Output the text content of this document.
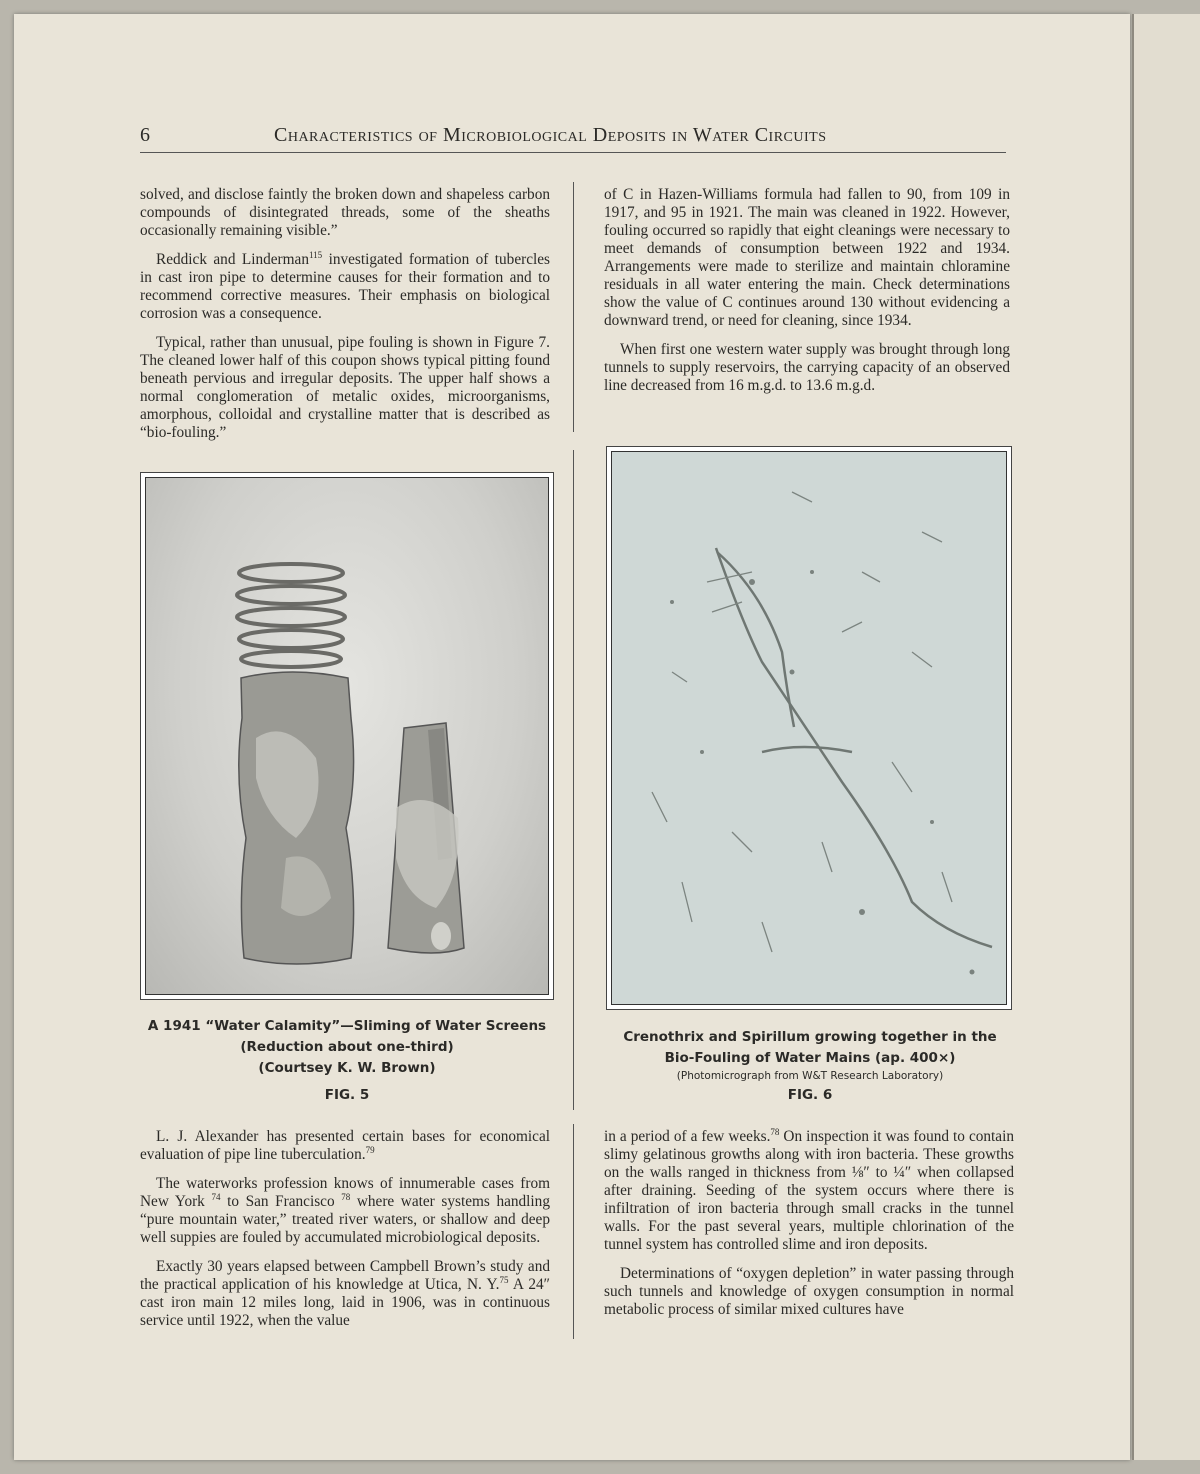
6	Characteristics of Microbiological Deposits in Water Circuits

solved, and disclose faintly the broken down and shapeless carbon compounds of disintegrated threads, some of the sheaths occasionally remaining visible.”

Reddick and Linderman$^{115}$ investigated formation of tubercles in cast iron pipe to determine causes for their formation and to recommend corrective measures. Their emphasis on biological corrosion was a consequence.

Typical, rather than unusual, pipe fouling is shown in Figure 7. The cleaned lower half of this coupon shows typical pitting found beneath pervious and irregular deposits. The upper half shows a normal conglomeration of metalic oxides, microorganisms, amorphous, colloidal and crystalline matter that is described as “bio-fouling.”

of C in Hazen-Williams formula had fallen to 90, from 109 in 1917, and 95 in 1921. The main was cleaned in 1922. However, fouling occurred so rapidly that eight cleanings were necessary to meet demands of consumption between 1922 and 1934. Arrangements were made to sterilize and maintain chloramine residuals in all water entering the main. Check determinations show the value of C continues around 130 without evidencing a downward trend, or need for cleaning, since 1934.

When first one western water supply was brought through long tunnels to supply reservoirs, the carrying capacity of an observed line decreased from 16 m.g.d. to 13.6 m.g.d.

A 1941 “Water Calamity”—Sliming of Water Screens
(Reduction about one-third)
(Courtsey K. W. Brown)

FIG. 5
Crenothrix and Spirillum growing together in the
Bio-Fouling of Water Mains (ap. 400×)

(Photomicrograph from W&T Research Laboratory)
FIG. 6

L. J. Alexander has presented certain bases for economical evaluation of pipe line tuberculation.$^{79}$

The waterworks profession knows of innumerable cases from New York $^{74}$ to San Francisco $^{78}$ where water systems handling “pure mountain water,” treated river waters, or shallow and deep well suppies are fouled by accumulated microbiological deposits.

Exactly 30 years elapsed between Campbell Brown’s study and the practical application of his knowledge at Utica, N. Y.$^{75}$ A 24″ cast iron main 12 miles long, laid in 1906, was in continuous service until 1922, when the value

in a period of a few weeks.$^{78}$ On inspection it was found to contain slimy gelatinous growths along with iron bacteria. These growths on the walls ranged in thickness from ⅛″ to ¼″ when collapsed after draining. Seeding of the system occurs where there is infiltration of iron bacteria through small cracks in the tunnel walls. For the past several years, multiple chlorination of the tunnel system has controlled slime and iron deposits.

Determinations of “oxygen depletion” in water passing through such tunnels and knowledge of oxygen consumption in normal metabolic process of similar mixed cultures have
